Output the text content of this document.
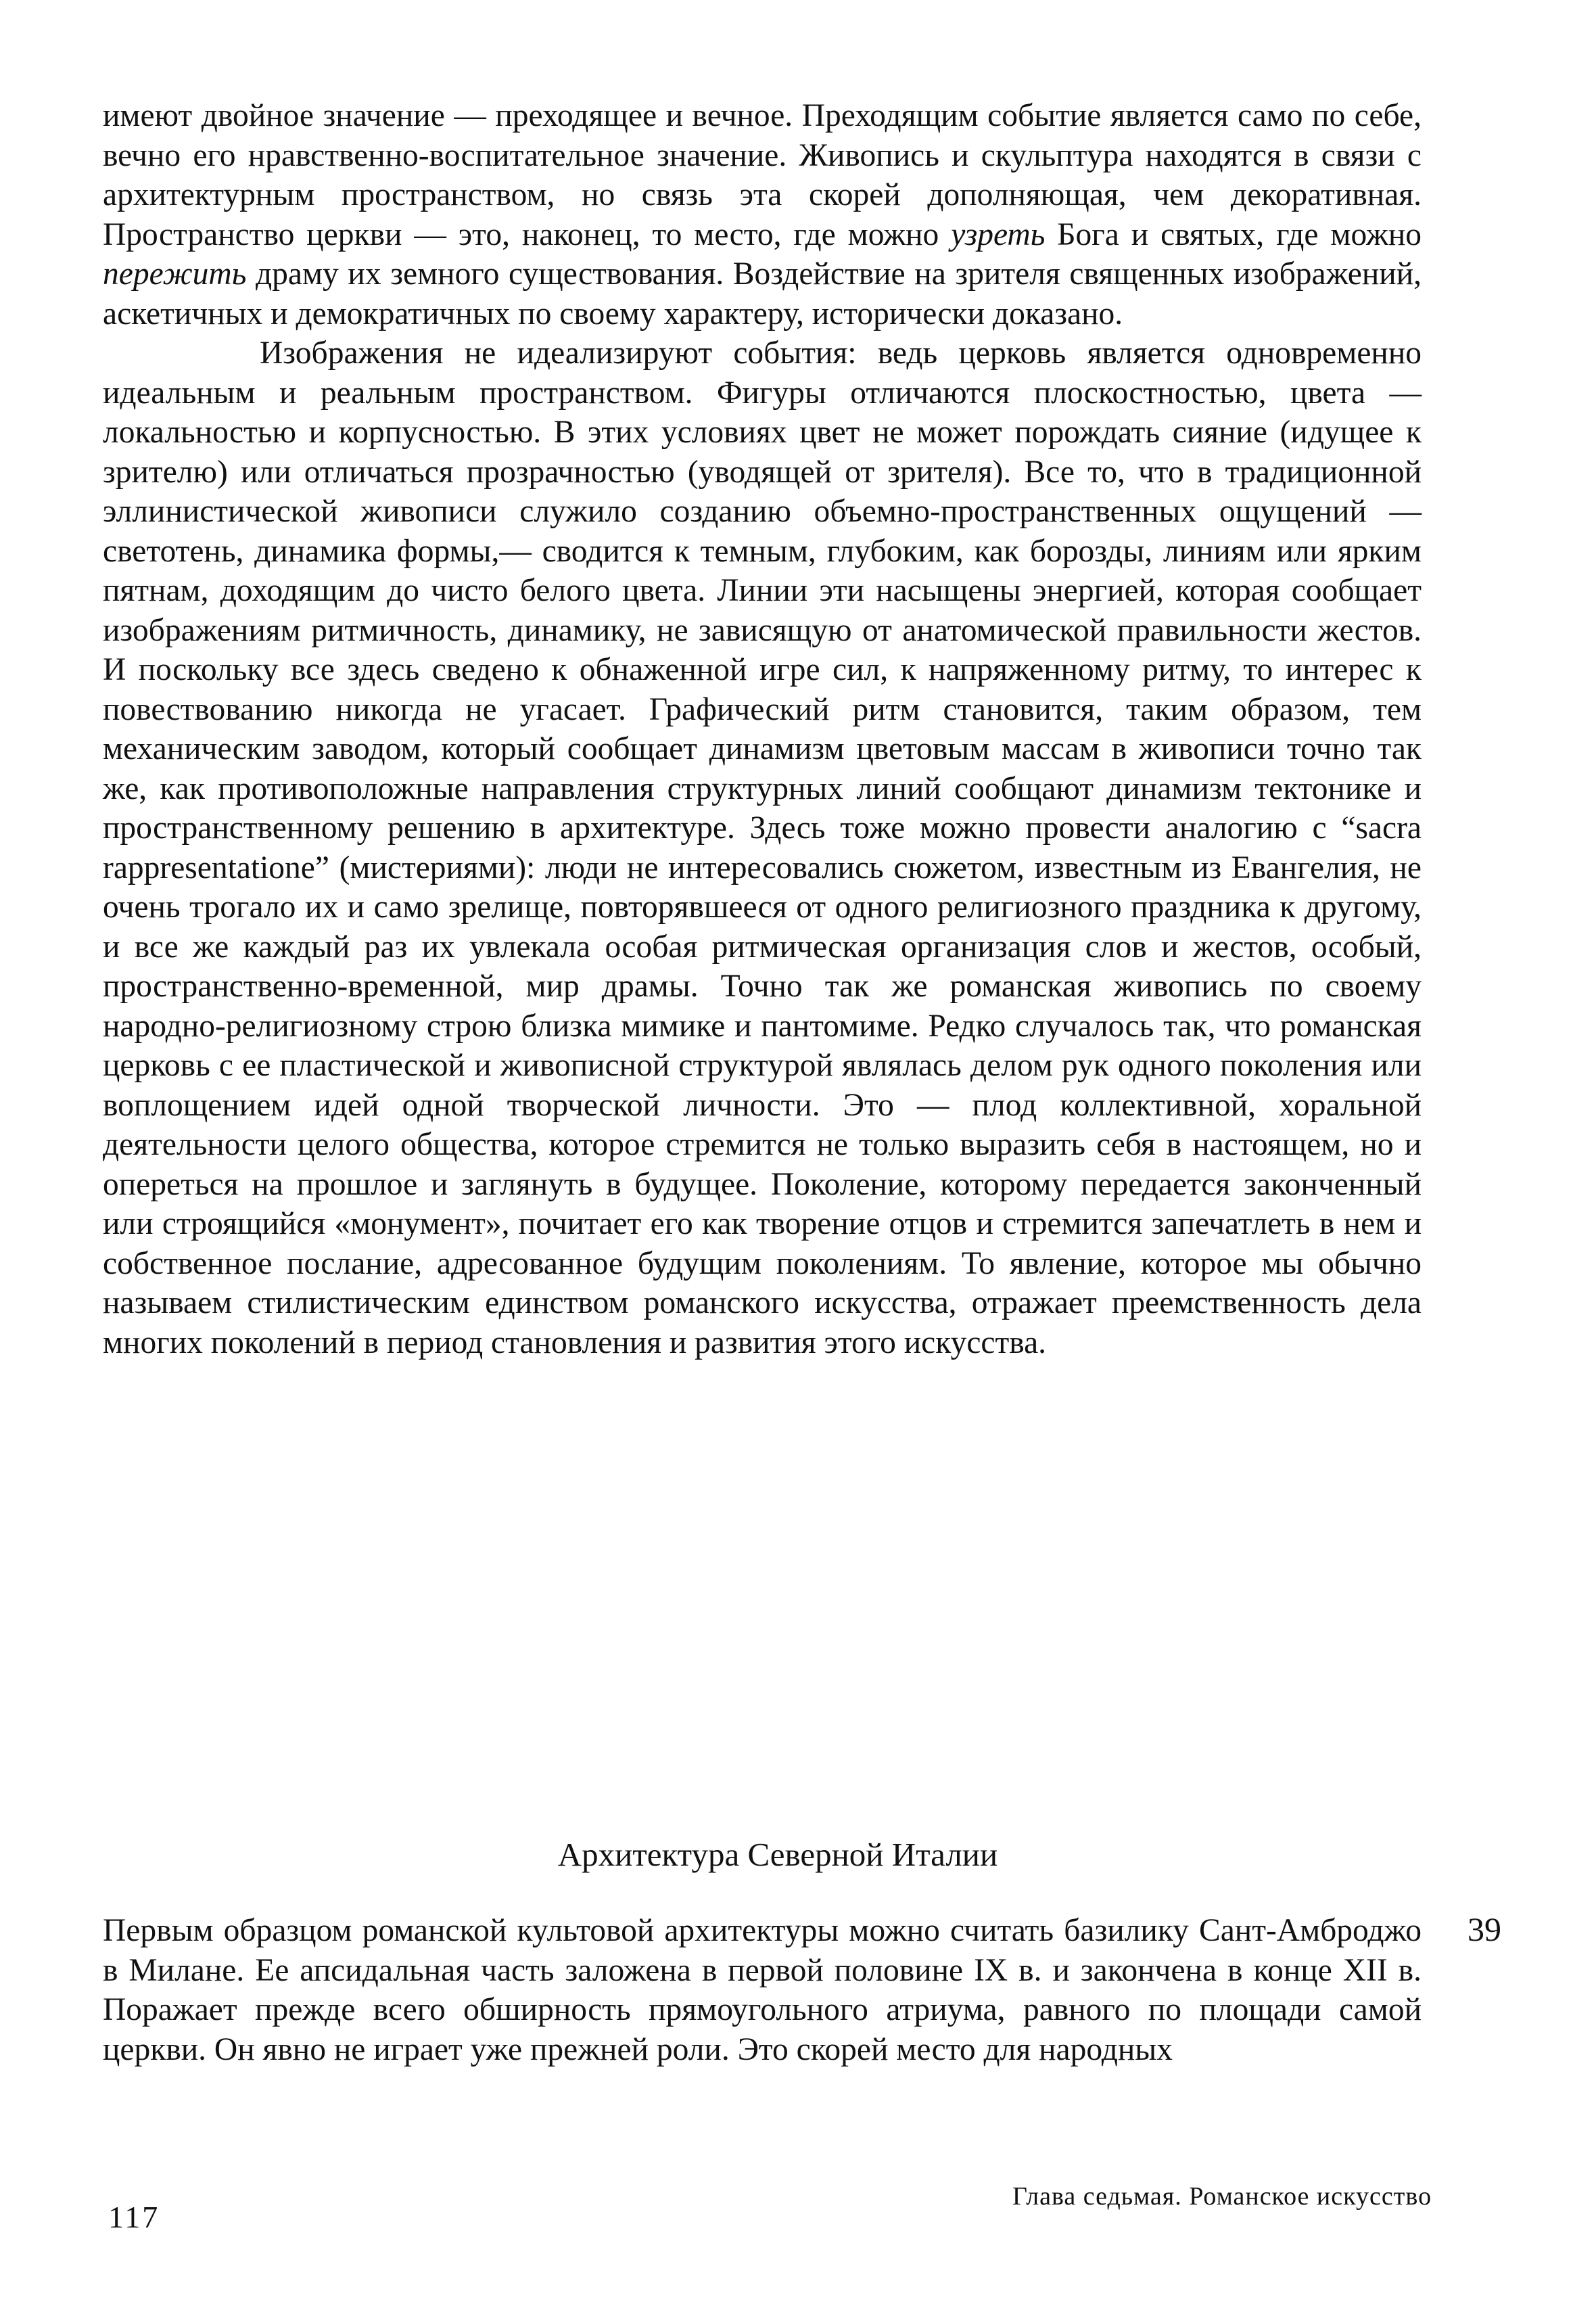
имеют двойное значение — преходящее и вечное. Преходящим событие является само по себе, вечно его нравственно-воспитательное значение. Живопись и скульптура находятся в связи с архитектурным пространством, но связь эта скорей дополняющая, чем декоративная. Пространство церкви — это, наконец, то место, где можно узреть Бога и святых, где можно пережить драму их земного существования. Воздействие на зрителя священных изображений, аскетичных и демократичных по своему характеру, исторически доказано.

Изображения не идеализируют события: ведь церковь является одновременно идеальным и реальным пространством. Фигуры отличаются плоскостностью, цвета — локальностью и корпусностью. В этих условиях цвет не может порождать сияние (идущее к зрителю) или отличаться прозрачностью (уводящей от зрителя). Все то, что в традиционной эллинистической живописи служило созданию объемно-пространственных ощущений — светотень, динамика формы,— сводится к темным, глубоким, как борозды, линиям или ярким пятнам, доходящим до чисто белого цвета. Линии эти насыщены энергией, которая сообщает изображениям ритмичность, динамику, не зависящую от анатомической правильности жестов. И поскольку все здесь сведено к обнаженной игре сил, к напряженному ритму, то интерес к повествованию никогда не угасает. Графический ритм становится, таким образом, тем механическим заводом, который сообщает динамизм цветовым массам в живописи точно так же, как противоположные направления структурных линий сообщают динамизм тектонике и пространственному решению в архитектуре. Здесь тоже можно провести аналогию с “sacra rappresentatione” (мистериями): люди не интересовались сюжетом, известным из Евангелия, не очень трогало их и само зрелище, повторявшееся от одного религиозного праздника к другому, и все же каждый раз их увлекала особая ритмическая организация слов и жестов, особый, пространственно-временной, мир драмы. Точно так же романская живопись по своему народно-религиозному строю близка мимике и пантомиме. Редко случалось так, что романская церковь с ее пластической и живописной структурой являлась делом рук одного поколения или воплощением идей одной творческой личности. Это — плод коллективной, хоральной деятельности целого общества, которое стремится не только выразить себя в настоящем, но и опереться на прошлое и заглянуть в будущее. Поколение, которому передается законченный или строящийся «монумент», почитает его как творение отцов и стремится запечатлеть в нем и собственное послание, адресованное будущим поколениям. То явление, которое мы обычно называем стилистическим единством романского искусства, отражает преемственность дела многих поколений в период становления и развития этого искусства.

Архитектура Северной Италии

Первым образцом романской культовой архитектуры можно считать базилику Сант-Амброджо в Милане. Ее апсидальная часть заложена в первой половине IX в. и закончена в конце XII в. Поражает прежде всего обширность прямоугольного атриума, равного по площади самой церкви. Он явно не играет уже прежней роли. Это скорей место для народных

39
117
Глава седьмая. Романское искусство
